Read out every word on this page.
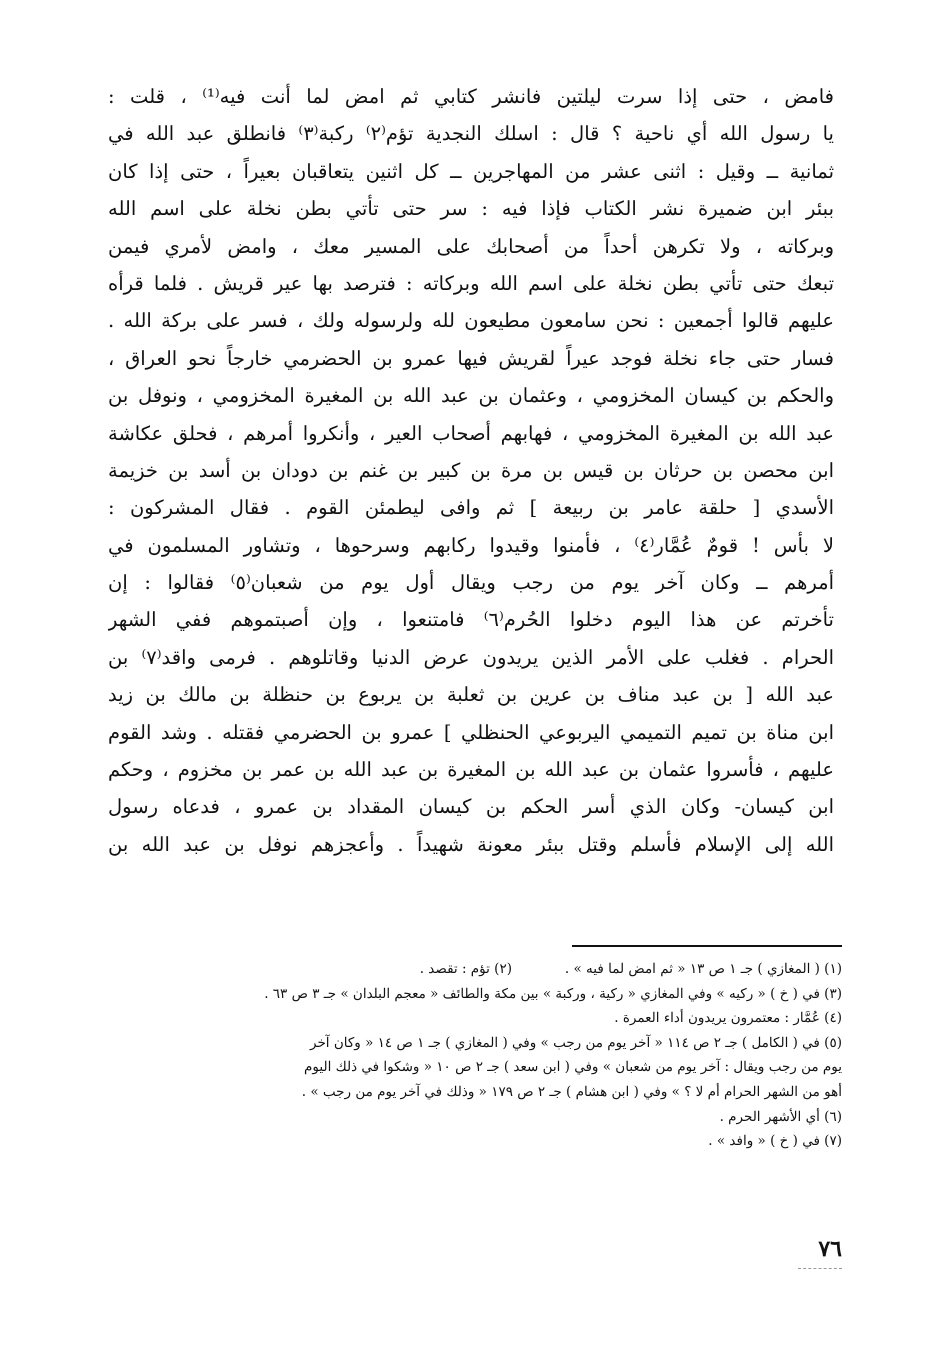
فامض ، حتى إذا سرت ليلتين فانشر كتابي ثم امض لما أنت فيه⁽¹⁾ ، قلت :
يا رسول الله أي ناحية ؟ قال : اسلك النجدية تؤم⁽٢⁾ ركبة⁽٣⁾ فانطلق عبد الله في
ثمانية ــ وقيل : اثنى عشر من المهاجرين ــ كل اثنين يتعاقبان بعيراً ، حتى إذا كان
ببئر ابن ضميرة نشر الكتاب فإذا فيه : سر حتى تأتي بطن نخلة على اسم الله
وبركاته ، ولا تكرهن أحداً من أصحابك على المسير معك ، وامض لأمري فيمن
تبعك حتى تأتي بطن نخلة على اسم الله وبركاته : فترصد بها عير قريش . فلما قرأه
عليهم قالوا أجمعين : نحن سامعون مطيعون لله ولرسوله ولك ، فسر على بركة الله .
فسار حتى جاء نخلة فوجد عيراً لقريش فيها عمرو بن الحضرمي خارجاً نحو العراق ،
والحكم بن كيسان المخزومي ، وعثمان بن عبد الله بن المغيرة المخزومي ، ونوفل بن
عبد الله بن المغيرة المخزومي ، فهابهم أصحاب العير ، وأنكروا أمرهم ، فحلق عكاشة
ابن محصن بن حرثان بن قيس بن مرة بن كبير بن غنم بن دودان بن أسد بن خزيمة
الأسدي [ حلقة عامر بن ربيعة ] ثم وافى ليطمئن القوم . فقال المشركون :
لا بأس ! قومٌ عُمَّار⁽٤⁾ ، فأمنوا وقيدوا ركابهم وسرحوها ، وتشاور المسلمون في
أمرهم ــ وكان آخر يوم من رجب ويقال أول يوم من شعبان⁽٥⁾ فقالوا : إن
تأخرتم عن هذا اليوم دخلوا الحُرم⁽٦⁾ فامتنعوا ، وإن أصبتموهم ففي الشهر
الحرام . فغلب على الأمر الذين يريدون عرض الدنيا وقاتلوهم . فرمى واقد⁽٧⁾ بن
عبد الله [ بن عبد مناف بن عرين بن ثعلبة بن يربوع بن حنظلة بن مالك بن زيد
ابن مناة بن تميم التميمي اليربوعي الحنظلي ] عمرو بن الحضرمي فقتله . وشد القوم
عليهم ، فأسروا عثمان بن عبد الله بن المغيرة بن عبد الله بن عمر بن مخزوم ، وحكم
ابن كيسان- وكان الذي أسر الحكم بن كيسان المقداد بن عمرو ، فدعاه رسول
الله إلى الإسلام فأسلم وقتل ببئر معونة شهيداً . وأعجزهم نوفل بن عبد الله بن
(١) ( المغازي ) جـ ١ ص ١٣ « ثم امض لما فيه » .
(٢) تؤم : تقصد .
(٣) في ( خ ) « ركيه » وفي المغازي « ركية ، وركبة » بين مكة والطائف « معجم البلدان » جـ ٣ ص ٦٣ .
(٤) عُمَّار : معتمرون يريدون أداء العمرة .
(٥) في ( الكامل ) جـ ٢ ص ١١٤ « آخر يوم من رجب » وفي ( المغازي ) جـ ١ ص ١٤ « وكان آخر
يوم من رجب ويقال : آخر يوم من شعبان » وفي ( ابن سعد ) جـ ٢ ص ١٠ « وشكوا في ذلك اليوم
أهو من الشهر الحرام أم لا ؟ » وفي ( ابن هشام ) جـ ٢ ص ١٧٩ « وذلك في آخر يوم من رجب » .
(٦) أي الأشهر الحرم .
(٧) في ( خ ) « وافد » .
٧٦
